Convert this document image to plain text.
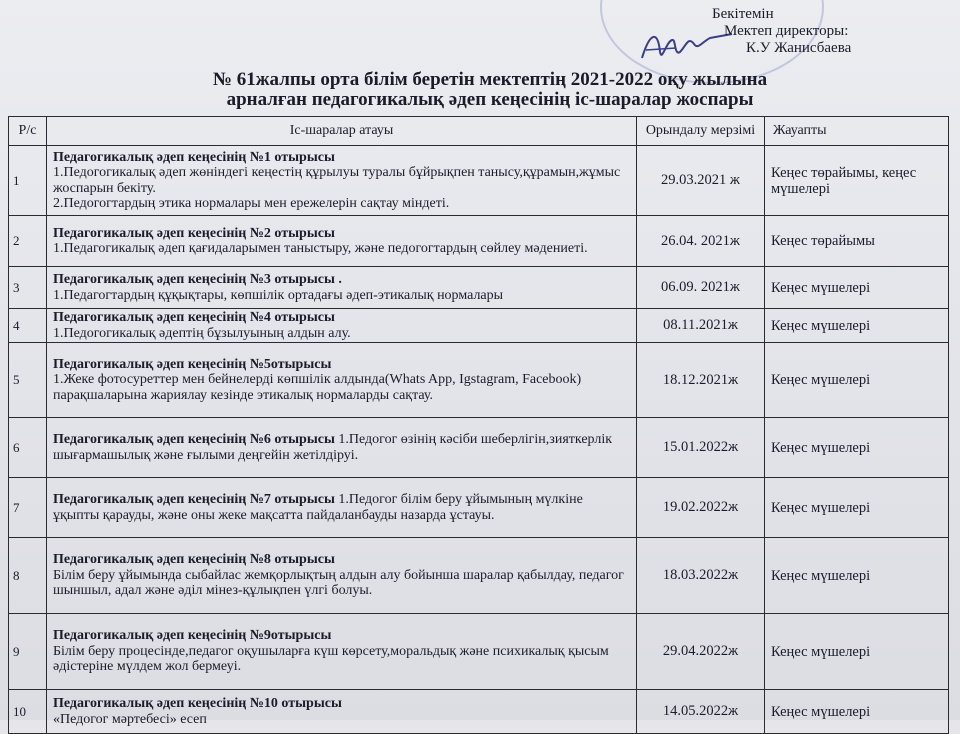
Бекітемін
Мектеп директоры:
К.У Жанисбаева
№ 61жалпы орта білім беретін мектептің 2021-2022 оқу жылына
арналған педагогикалық әдеп кеңесінің іс-шаралар жоспары
Р/с	Іс-шаралар атауы	Орындалу мерзімі	Жауапты
1	Педагогикалық әдеп кеңесінің №1 отырысы
1.Педогогикалық әдеп жөніндегі кеңестің құрылуы туралы бұйрықпен танысу,құрамын,жұмыс жоспарын бекіту.
2.Педогогтардың этика нормалары мен ережелерін сақтау міндеті.	29.03.2021 ж	Кеңес төрайымы, кеңес мүшелері
2	Педагогикалық әдеп кеңесінің №2 отырысы
1.Педагогикалық әдеп қағидаларымен таныстыру, және педогогтардың сөйлеу мәдениеті.	26.04. 2021ж	Кеңес төрайымы
3	Педагогикалық әдеп кеңесінің №3 отырысы .
1.Педагогтардың құқықтары, көпшілік ортадағы әдеп-этикалық нормалары	06.09. 2021ж	Кеңес мүшелері
4	Педагогикалық әдеп кеңесінің №4 отырысы
1.Педогогикалық әдептің бұзылуының алдын алу.	08.11.2021ж	Кеңес мүшелері
5	Педагогикалық әдеп кеңесінің №5отырысы
1.Жеке фотосуреттер мен бейнелерді көпшілік алдында(Whats App, Igstagram, Facebook) парақшаларына жариялау кезінде этикалық нормаларды сақтау.	18.12.2021ж	Кеңес мүшелері
6	Педагогикалық әдеп кеңесінің №6 отырысы 1.Педогог өзінің кәсіби шеберлігін,зияткерлік шығармашылық және ғылыми деңгейін жетілдіруі.	15.01.2022ж	Кеңес мүшелері
7	Педагогикалық әдеп кеңесінің №7 отырысы 1.Педогог білім беру ұйымының мүлкіне ұқыпты қарауды, және оны жеке мақсатта пайдаланбауды назарда ұстауы.	19.02.2022ж	Кеңес мүшелері
8	Педагогикалық әдеп кеңесінің №8 отырысы
Білім беру ұйымында сыбайлас жемқорлықтың алдын алу бойынша шаралар қабылдау, педагог шыншыл, адал және әділ мінез-құлықпен үлгі болуы.	18.03.2022ж	Кеңес мүшелері
9	Педагогикалық әдеп кеңесінің №9отырысы
Білім беру процесінде,педагог оқушыларға күш көрсету,моральдық және психикалық қысым әдістеріне мүлдем жол бермеуі.	29.04.2022ж	Кеңес мүшелері
10	Педагогикалық әдеп кеңесінің №10 отырысы
«Педогог мәртебесі» есеп	14.05.2022ж	Кеңес мүшелері
